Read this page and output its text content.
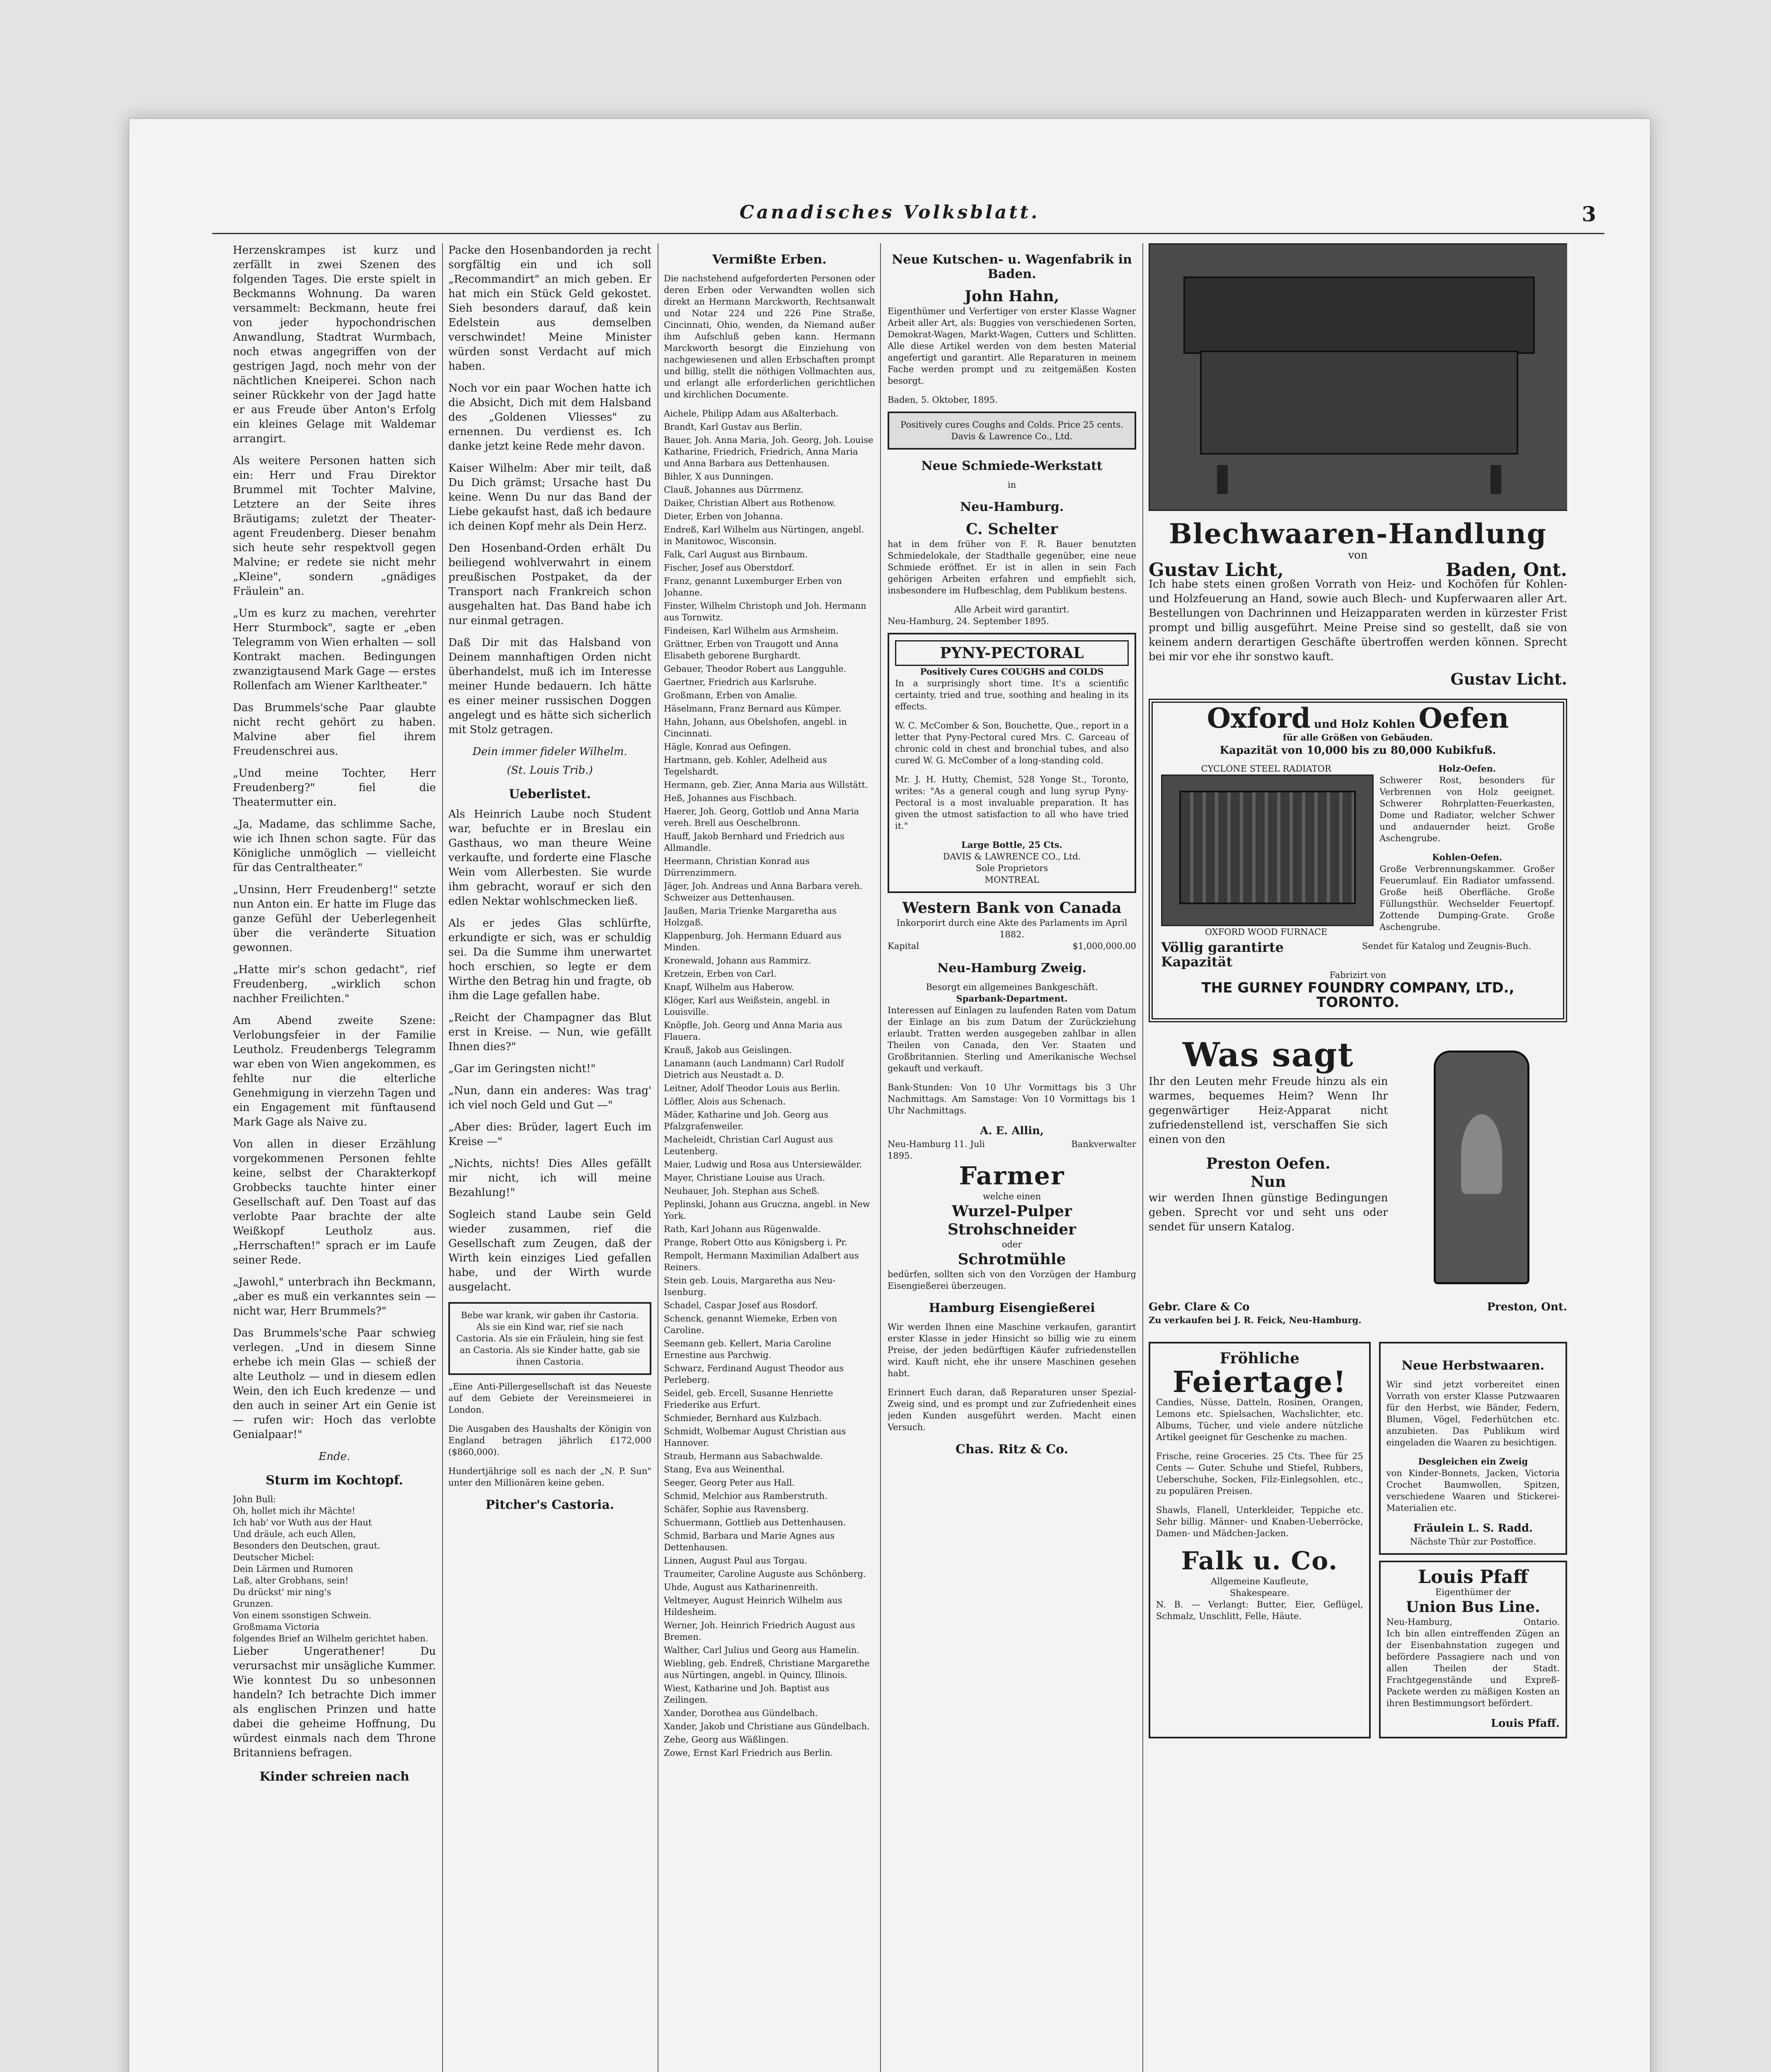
Canadisches Volksblatt.	3

Herzenskrampes ist kurz und zerfällt in zwei Szenen des folgenden Tages. Die erste spielt in Beckmanns Wohnung. Da waren versammelt: Beckmann, heute frei von jeder hypochondrischen Anwandlung, Stadtrat Wurmbach, noch etwas angegriffen von der gestrigen Jagd, noch mehr von der nächtlichen Kneiperei. Schon nach seiner Rückkehr von der Jagd hatte er aus Freude über Anton's Erfolg ein kleines Gelage mit Waldemar arrangirt.

Als weitere Personen hatten sich ein: Herr und Frau Direktor Brummel mit Tochter Malvine, Letztere an der Seite ihres Bräutigams; zuletzt der Theater-agent Freudenberg. Dieser benahm sich heute sehr respektvoll gegen Malvine; er redete sie nicht mehr „Kleine", sondern „gnädiges Fräulein" an.

„Um es kurz zu machen, verehrter Herr Sturmbock", sagte er „eben Telegramm von Wien erhalten — soll Kontrakt machen. Bedingungen zwanzigtausend Mark Gage — erstes Rollenfach am Wiener Karltheater."

Das Brummels'sche Paar glaubte nicht recht gehört zu haben. Malvine aber fiel ihrem Freudenschrei aus.

„Und meine Tochter, Herr Freudenberg?" fiel die Theatermutter ein.

„Ja, Madame, das schlimme Sache, wie ich Ihnen schon sagte. Für das Königliche unmöglich — vielleicht für das Centraltheater."

„Unsinn, Herr Freudenberg!" setzte nun Anton ein. Er hatte im Fluge das ganze Gefühl der Ueberlegenheit über die veränderte Situation gewonnen.

„Hatte mir's schon gedacht", rief Freudenberg, „wirklich schon nachher Freilichten."

Am Abend zweite Szene: Verlobungsfeier in der Familie Leutholz. Freudenbergs Telegramm war eben von Wien angekommen, es fehlte nur die elterliche Genehmigung in vierzehn Tagen und ein Engagement mit fünftausend Mark Gage als Naive zu.

Von allen in dieser Erzählung vorgekommenen Personen fehlte keine, selbst der Charakterkopf Grobbecks tauchte hinter einer Gesellschaft auf. Den Toast auf das verlobte Paar brachte der alte Weißkopf Leutholz aus. „Herrschaften!" sprach er im Laufe seiner Rede.

„Jawohl," unterbrach ihn Beckmann, „aber es muß ein verkanntes sein — nicht war, Herr Brummels?"

Das Brummels'sche Paar schwieg verlegen. „Und in diesem Sinne erhebe ich mein Glas — schieß der alte Leutholz — und in diesem edlen Wein, den ich Euch kredenze — und den auch in seiner Art ein Genie ist — rufen wir: Hoch das verlobte Genialpaar!"

Ende.
Sturm im Kochtopf.
John Bull:
Oh, hollet mich ihr Mächte!
Ich hab' vor Wuth aus der Haut
Und dräule, ach euch Allen,
Besonders den Deutschen, graut.
Deutscher Michel:
Dein Lärmen und Rumoren
Laß, alter Grobhans, sein!
Du drückst' mir ning's
Grunzen.
Von einem ssonstigen Schwein.
Großmama Victoria
folgendes Brief an Wilhelm gerichtet haben.

Lieber Ungerathener! Du verursachst mir unsägliche Kummer. Wie konntest Du so unbesonnen handeln? Ich betrachte Dich immer als englischen Prinzen und hatte dabei die geheime Hoffnung, Du würdest einmals nach dem Throne Britanniens befragen.

Kinder schreien nach

Packe den Hosenbandorden ja recht sorgfältig ein und ich soll „Recommandirt" an mich geben. Er hat mich ein Stück Geld gekostet. Sieh besonders darauf, daß kein Edelstein aus demselben verschwindet! Meine Minister würden sonst Verdacht auf mich haben.

Noch vor ein paar Wochen hatte ich die Absicht, Dich mit dem Halsband des „Goldenen Vliesses" zu ernennen. Du verdienst es. Ich danke jetzt keine Rede mehr davon.

Kaiser Wilhelm: Aber mir teilt, daß Du Dich grämst; Ursache hast Du keine. Wenn Du nur das Band der Liebe gekaufst hast, daß ich bedaure ich deinen Kopf mehr als Dein Herz.

Den Hosenband-Orden erhält Du beiliegend wohlverwahrt in einem preußischen Postpaket, da der Transport nach Frankreich schon ausgehalten hat. Das Band habe ich nur einmal getragen.

Daß Dir mit das Halsband von Deinem mannhaftigen Orden nicht überhandelst, muß ich im Interesse meiner Hunde bedauern. Ich hätte es einer meiner russischen Doggen angelegt und es hätte sich sicherlich mit Stolz getragen.

Dein immer fideler Wilhelm.
(St. Louis Trib.)
Ueberlistet.

Als Heinrich Laube noch Student war, befuchte er in Breslau ein Gasthaus, wo man theure Weine verkaufte, und forderte eine Flasche Wein vom Allerbesten. Sie wurde ihm gebracht, worauf er sich den edlen Nektar wohlschmecken ließ.

Als er jedes Glas schlürfte, erkundigte er sich, was er schuldig sei. Da die Summe ihm unerwartet hoch erschien, so legte er dem Wirthe den Betrag hin und fragte, ob ihm die Lage gefallen habe.

„Reicht der Champagner das Blut erst in Kreise. — Nun, wie gefällt Ihnen dies?"

„Gar im Geringsten nicht!"

„Nun, dann ein anderes: Was trag' ich viel noch Geld und Gut —"

„Aber dies: Brüder, lagert Euch im Kreise —"

„Nichts, nichts! Dies Alles gefällt mir nicht, ich will meine Bezahlung!"

Sogleich stand Laube sein Geld wieder zusammen, rief die Gesellschaft zum Zeugen, daß der Wirth kein einziges Lied gefallen habe, und der Wirth wurde ausgelacht.

Bebe war krank, wir gaben ihr Castoria. Als sie ein Kind war, rief sie nach Castoria. Als sie ein Fräulein, hing sie fest an Castoria. Als sie Kinder hatte, gab sie ihnen Castoria.

„Eine Anti-Pillergesellschaft ist das Neueste auf dem Gebiete der Vereinsmeierei in London.

Die Ausgaben des Haushalts der Königin von England betragen jährlich £172,000 ($860,000).

Hundertjährige soll es nach der „N. P. Sun" unter den Millionären keine geben.

Pitcher's Castoria.
Vermißte Erben.

Die nachstehend aufgeforderten Personen oder deren Erben oder Verwandten wollen sich direkt an Hermann Marckworth, Rechtsanwalt und Notar 224 und 226 Pine Straße, Cincinnati, Ohio, wenden, da Niemand außer ihm Aufschluß geben kann. Hermann Marckworth besorgt die Einziehung von nachgewiesenen und allen Erbschaften prompt und billig, stellt die nöthigen Vollmachten aus, und erlangt alle erforderlichen gerichtlichen und kirchlichen Documente.

Aichele, Philipp Adam aus Aßalterbach.
Brandt, Karl Gustav aus Berlin.
Bauer, Joh. Anna Maria, Joh. Georg, Joh. Louise Katharine, Friedrich, Friedrich, Anna Maria und Anna Barbara aus Dettenhausen.
Bihler, X aus Dunningen.
Clauß, Johannes aus Dürrmenz.
Daiker, Christian Albert aus Rothenow.
Dieter, Erben von Johanna.
Endreß, Karl Wilhelm aus Nürtingen, angebl. in Manitowoc, Wisconsin.
Falk, Carl August aus Birnbaum.
Fischer, Josef aus Oberstdorf.
Franz, genannt Luxemburger Erben von Johanne.
Finster, Wilhelm Christoph und Joh. Hermann aus Tornwitz.
Findeisen, Karl Wilhelm aus Armsheim.
Grättner, Erben von Traugott und Anna Elisabeth geborene Burghardt.
Gebauer, Theodor Robert aus Langguhle.
Gaertner, Friedrich aus Karlsruhe.
Großmann, Erben von Amalie.
Häselmann, Franz Bernard aus Kümper.
Hahn, Johann, aus Obelshofen, angebl. in Cincinnati.
Hägle, Konrad aus Oefingen.
Hartmann, geb. Kohler, Adelheid aus Tegelshardt.
Hermann, geb. Zier, Anna Maria aus Willstätt.
Heß, Johannes aus Fischbach.
Haerer, Joh. Georg, Gottlob und Anna Maria vereh. Brell aus Oeschelbronn.
Hauff, Jakob Bernhard und Friedrich aus Allmandle.
Heermann, Christian Konrad aus Dürrenzimmern.
Jäger, Joh. Andreas und Anna Barbara vereh. Schweizer aus Dettenhausen.
Jaußen, Maria Trienke Margaretha aus Holzgaß.
Klappenburg, Joh. Hermann Eduard aus Minden.
Kronewald, Johann aus Rammirz.
Kretzein, Erben von Carl.
Knapf, Wilhelm aus Haberow.
Klöger, Karl aus Weißstein, angebl. in Louisville.
Knöpfle, Joh. Georg und Anna Maria aus Flauera.
Krauß, Jakob aus Geislingen.
Lanamann (auch Landmann) Carl Rudolf Dietrich aus Neustadt a. D.
Leitner, Adolf Theodor Louis aus Berlin.
Löffler, Alois aus Schenach.
Mäder, Katharine und Joh. Georg aus Pfalzgrafenweiler.
Macheleidt, Christian Carl August aus Leutenberg.
Maier, Ludwig und Rosa aus Untersiewälder.
Mayer, Christiane Louise aus Urach.
Neubauer, Joh. Stephan aus Scheß.
Peplinski, Johann aus Gruczna, angebl. in New York.
Rath, Karl Johann aus Rügenwalde.
Prange, Robert Otto aus Königsberg i. Pr.
Rempolt, Hermann Maximilian Adalbert aus Reiners.
Stein geb. Louis, Margaretha aus Neu-Isenburg.
Schadel, Caspar Josef aus Rosdorf.
Schenck, genannt Wiemeke, Erben von Caroline.
Seemann geb. Kellert, Maria Caroline Ernestine aus Parchwig.
Schwarz, Ferdinand August Theodor aus Perleberg.
Seidel, geb. Ercell, Susanne Henriette Friederike aus Erfurt.
Schmieder, Bernhard aus Kulzbach.
Schmidt, Wolbemar August Christian aus Hannover.
Straub, Hermann aus Sabachwalde.
Stang, Eva aus Weinenthal.
Seeger, Georg Peter aus Hall.
Schmid, Melchior aus Ramberstruth.
Schäfer, Sophie aus Ravensberg.
Schuermann, Gottlieb aus Dettenhausen.
Schmid, Barbara und Marie Agnes aus Dettenhausen.
Linnen, August Paul aus Torgau.
Traumeiter, Caroline Auguste aus Schönberg.
Uhde, August aus Katharinenreith.
Veltmeyer, August Heinrich Wilhelm aus Hildesheim.
Werner, Joh. Heinrich Friedrich August aus Bremen.
Walther, Carl Julius und Georg aus Hamelin.
Wiebling, geb. Endreß, Christiane Margarethe aus Nürtingen, angebl. in Quincy, Illinois.
Wiest, Katharine und Joh. Baptist aus Zeilingen.
Xander, Dorothea aus Gündelbach.
Xander, Jakob und Christiane aus Gündelbach.
Zehe, Georg aus Wäßlingen.
Zowe, Ernst Karl Friedrich aus Berlin.
Neue Kutschen- u. Wagenfabrik in Baden.
John Hahn,

Eigenthümer und Verfertiger von erster Klasse Wagner Arbeit aller Art, als: Buggies von verschiedenen Sorten, Demokrat-Wagen, Markt-Wagen, Cutters und Schlitten. Alle diese Artikel werden von dem besten Material angefertigt und garantirt. Alle Reparaturen in meinem Fache werden prompt und zu zeitgemäßen Kosten besorgt.

Baden, 5. Oktober, 1895.
Positively cures Coughs and Colds. Price 25 cents. Davis & Lawrence Co., Ltd.
Neue Schmiede-Werkstatt
in
Neu-Hamburg.
C. Schelter

hat in dem früher von F. R. Bauer benutzten Schmiedelokale, der Stadthalle gegenüber, eine neue Schmiede eröffnet. Er ist in allen in sein Fach gehörigen Arbeiten erfahren und empfiehlt sich, insbesondere im Hufbeschlag, dem Publikum bestens.

Alle Arbeit wird garantirt.
Neu-Hamburg, 24. September 1895.
PYNY-PECTORAL
Positively Cures COUGHS and COLDS

In a surprisingly short time. It's a scientific certainty, tried and true, soothing and healing in its effects.

W. C. McComber & Son, Bouchette, Que., report in a letter that Pyny-Pectoral cured Mrs. C. Garceau of chronic cold in chest and bronchial tubes, and also cured W. G. McComber of a long-standing cold.

Mr. J. H. Hutty, Chemist, 528 Yonge St., Toronto, writes: "As a general cough and lung syrup Pyny-Pectoral is a most invaluable preparation. It has given the utmost satisfaction to all who have tried it."

Large Bottle, 25 Cts.
DAVIS & LAWRENCE CO., Ltd.
Sole Proprietors
MONTREAL
Western Bank von Canada
Inkorporirt durch eine Akte des Parlaments im April 1882.
Kapital	$1,000,000.00
Neu-Hamburg Zweig.
Besorgt ein allgemeines Bankgeschäft.
Sparbank-Department.

Interessen auf Einlagen zu laufenden Raten vom Datum der Einlage an bis zum Datum der Zurückziehung erlaubt. Tratten werden ausgegeben zahlbar in allen Theilen von Canada, den Ver. Staaten und Großbritannien. Sterling und Amerikanische Wechsel gekauft und verkauft.

Bank-Stunden: Von 10 Uhr Vormittags bis 3 Uhr Nachmittags. Am Samstage: Von 10 Vormittags bis 1 Uhr Nachmittags.

A. E. Allin,
Neu-Hamburg 11. Juli 1895.
Bankverwalter
Farmer
welche einen
Wurzel-Pulper
Strohschneider
oder
Schrotmühle

bedürfen, sollten sich von den Vorzügen der Hamburg Eisengießerei überzeugen.

Hamburg Eisengießerei

Wir werden Ihnen eine Maschine verkaufen, garantirt erster Klasse in jeder Hinsicht so billig wie zu einem Preise, der jeden bedürftigen Käufer zufriedenstellen wird. Kauft nicht, ehe ihr unsere Maschinen gesehen habt.

Erinnert Euch daran, daß Reparaturen unser Spezial-Zweig sind, und es prompt und zur Zufriedenheit eines jeden Kunden ausgeführt werden. Macht einen Versuch.

Chas. Ritz & Co.
Blechwaaren-Handlung
von
Gustav Licht,	Baden, Ont.

Ich habe stets einen großen Vorrath von Heiz- und Kochöfen für Kohlen- und Holzfeuerung an Hand, sowie auch Blech- und Kupferwaaren aller Art. Bestellungen von Dachrinnen und Heizapparaten werden in kürzester Frist prompt und billig ausgeführt. Meine Preise sind so gestellt, daß sie von keinem andern derartigen Geschäfte übertroffen werden können. Sprecht bei mir vor ehe ihr sonstwo kauft.

Gustav Licht.
Oxford und Holz Kohlen Oefen
für alle Größen von Gebäuden.
Kapazität von 10,000 bis zu 80,000 Kubikfuß.
CYCLONE STEEL RADIATOR
OXFORD WOOD FURNACE
Holz-Oefen.

Schwerer Rost, besonders für Verbrennen von Holz geeignet. Schwerer Rohrplatten-Feuerkasten, Dome und Radiator, welcher Schwer und andauernder heizt. Große Aschengrube.

Kohlen-Oefen.

Große Verbrennungskammer. Großer Feuerumlauf. Ein Radiator umfassend. Große heiß Oberfläche. Große Füllungsthür. Wechselder Feuertopf. Zottende Dumping-Grate. Große Aschengrube.

Völlig garantirte Kapazität
Sendet für Katalog und Zeugnis-Buch.
Fabrizirt von
THE GURNEY FOUNDRY COMPANY, LTD., TORONTO.
Was sagt

Ihr den Leuten mehr Freude hinzu als ein warmes, bequemes Heim? Wenn Ihr gegenwärtiger Heiz-Apparat nicht zufriedenstellend ist, verschaffen Sie sich einen von den

Preston Oefen.
Nun

wir werden Ihnen günstige Bedingungen geben. Sprecht vor und seht uns oder sendet für unsern Katalog.

Gebr. Clare & Co	Preston, Ont.
Zu verkaufen bei J. R. Feick, Neu-Hamburg.
Fröhliche
Feiertage!

Candies, Nüsse, Datteln, Rosinen, Orangen, Lemons etc. Spielsachen, Wachslichter, etc. Albums, Tücher, und viele andere nützliche Artikel geeignet für Geschenke zu machen.

Frische, reine Groceries. 25 Cts. Thee für 25 Cents — Guter. Schuhe und Stiefel, Rubbers, Ueberschuhe, Socken, Filz-Einlegsohlen, etc., zu populären Preisen.

Shawls, Flanell, Unterkleider, Teppiche etc. Sehr billig. Männer- und Knaben-Ueberröcke, Damen- und Mädchen-Jacken.

Falk u. Co.
Allgemeine Kaufleute,
Shakespeare.

N. B. — Verlangt: Butter, Eier, Geflügel, Schmalz, Unschlitt, Felle, Häute.

Neue Herbstwaaren.

Wir sind jetzt vorbereitet einen Vorrath von erster Klasse Putzwaaren für den Herbst, wie Bänder, Federn, Blumen, Vögel, Federhütchen etc. anzubieten. Das Publikum wird eingeladen die Waaren zu besichtigen.

Desgleichen ein Zweig

von Kinder-Bonnets, Jacken, Victoria Crochet Baumwollen, Spitzen, verschiedene Waaren und Stickerei-Materialien etc.

Fräulein L. S. Radd.
Nächste Thür zur Postoffice.
Louis Pfaff
Eigenthümer der
Union Bus Line.
Neu-Hamburg,	Ontario.

Ich bin allen eintreffenden Zügen an der Eisenbahnstation zugegen und befördere Passagiere nach und von allen Theilen der Stadt. Frachtgegenstände und Expreß-Packete werden zu mäßigen Kosten an ihren Bestimmungsort befördert.

Louis Pfaff.
